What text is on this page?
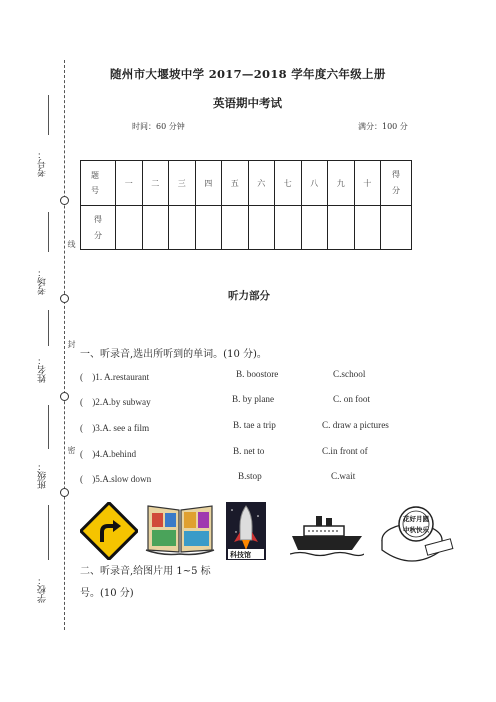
考号：
考场：
姓名：
班级：
学校：
线
封
密
随州市大堰坡中学 2017—2018 学年度六年级上册
英语期中考试
时间：60 分钟	满分：100 分
题号	一	二	三	四	五	六	七	八	九	十	得分
得分											
听力部分
一、听录音,选出所听到的单词。(10 分)。
(　)1. A.restaurant	B. boostore	C.school
(　)2.A.by subway	B. by plane	C. on foot
(　)3.A. see a film	B. tae a trip	C. draw a pictures
(　)4.A.behind	B. net to	C.in front of
(　)5.A.slow down	B.stop	C.wait
科技馆
花好月圆
中秋快乐
二、听录音,给图片用 1~5 标
号。(10 分)
